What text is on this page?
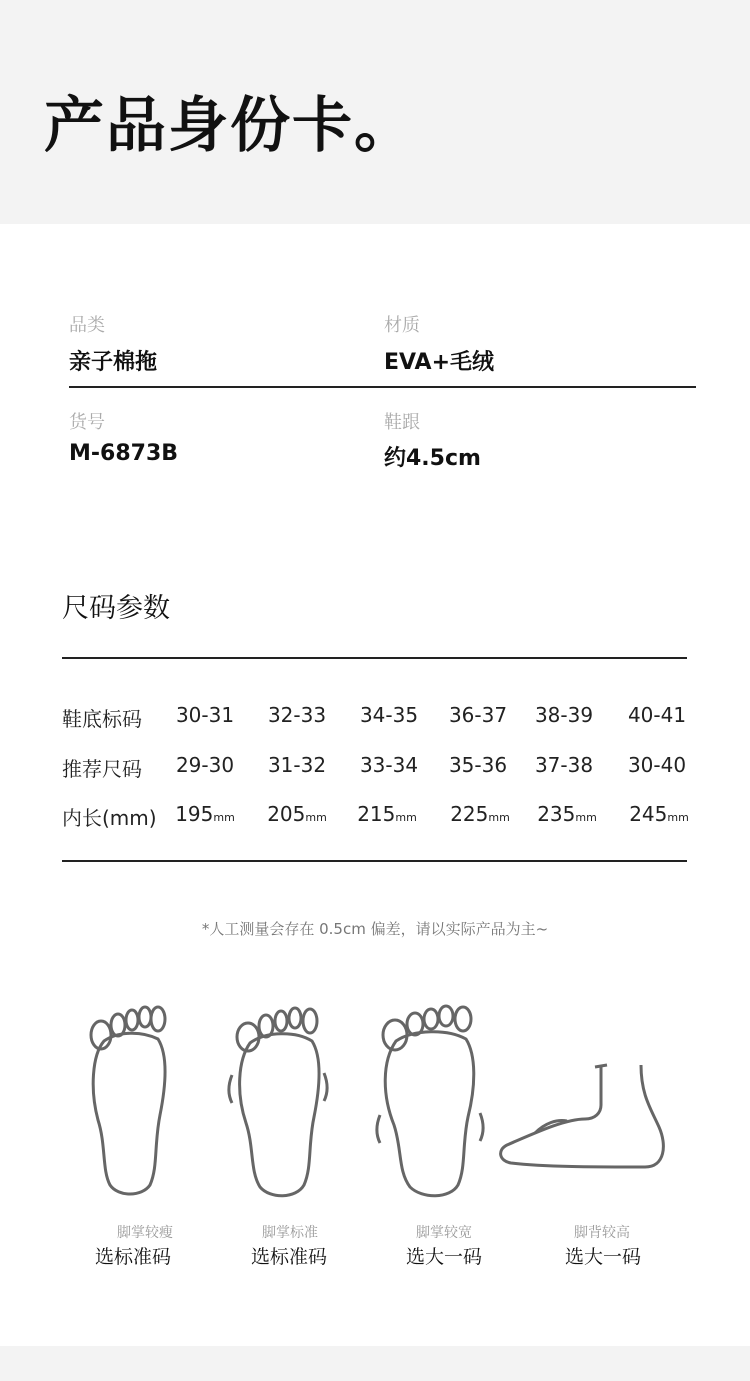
产品身份卡。
品类
亲子棉拖
材质
EVA+毛绒
货号
M-6873B
鞋跟
约4.5cm
尺码参数
鞋底标码	30-31	32-33	34-35	36-37	38-39	40-41
推荐尺码	29-30	31-32	33-34	35-36	37-38	30-40
内长(mm) 195mm	205mm	215mm	225mm	235mm	245mm
*人工测量会存在 0.5cm 偏差，请以实际产品为主~
脚掌较瘦
选标准码
脚掌标准
选标准码
脚掌较宽
选大一码
脚背较高
选大一码
